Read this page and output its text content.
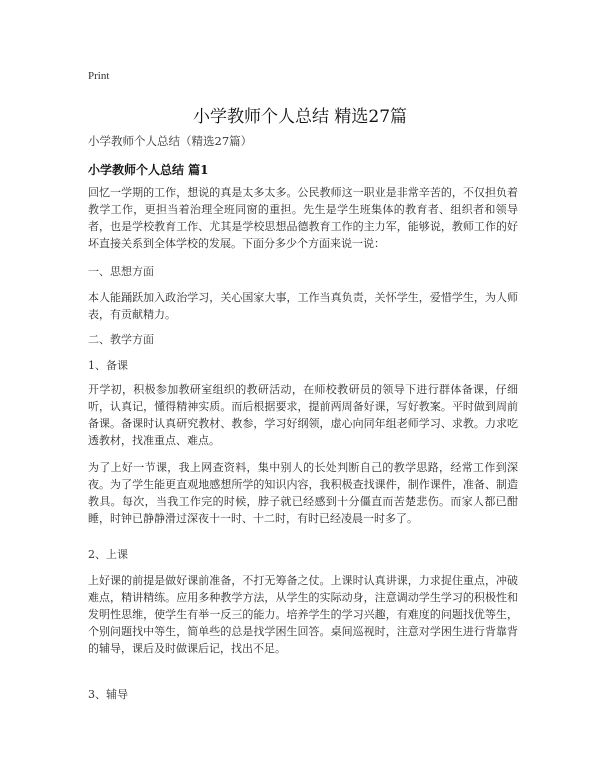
Print
小学教师个人总结 精选27篇
小学教师个人总结（精选27篇）
小学教师个人总结 篇1

回忆一学期的工作，想说的真是太多太多。公民教师这一职业是非常辛苦的，不仅担负着教学工作，更担当着治理全班同窗的重担。先生是学生班集体的教育者、组织者和领导者，也是学校教育工作、尤其是学校思想品德教育工作的主力军，能够说，教师工作的好坏直接关系到全体学校的发展。下面分多少个方面来说一说：

一、思想方面

本人能踊跃加入政治学习，关心国家大事，工作当真负责，关怀学生，爱惜学生，为人师表，有贡献精力。

二、教学方面
1、备课

开学初，积极参加教研室组织的教研活动，在师校教研员的领导下进行群体备课，仔细听，认真记，懂得精神实质。而后根据要求，提前两周备好课，写好教案。平时做到周前备课。备课时认真研究教材、教参，学习好纲领，虚心向同年组老师学习、求教。力求吃透教材，找准重点、难点。

为了上好一节课，我上网查资料，集中别人的长处判断自己的教学思路，经常工作到深夜。为了学生能更直观地感想所学的知识内容，我积极查找课件，制作课件，准备、制造教具。每次，当我工作完的时候，脖子就已经感到十分僵直而苦楚悲伤。而家人都已酣睡，时钟已静静滑过深夜十一时、十二时，有时已经凌晨一时多了。

2、上课

上好课的前提是做好课前准备，不打无筹备之仗。上课时认真讲课，力求捉住重点，冲破难点，精讲精练。应用多种教学方法，从学生的实际动身，注意调动学生学习的积极性和发明性思维，使学生有举一反三的能力。培养学生的学习兴趣，有难度的问题找优等生，个别问题找中等生，简单些的总是找学困生回答。桌间巡视时，注意对学困生进行背靠背的辅导，课后及时做课后记，找出不足。

3、辅导
